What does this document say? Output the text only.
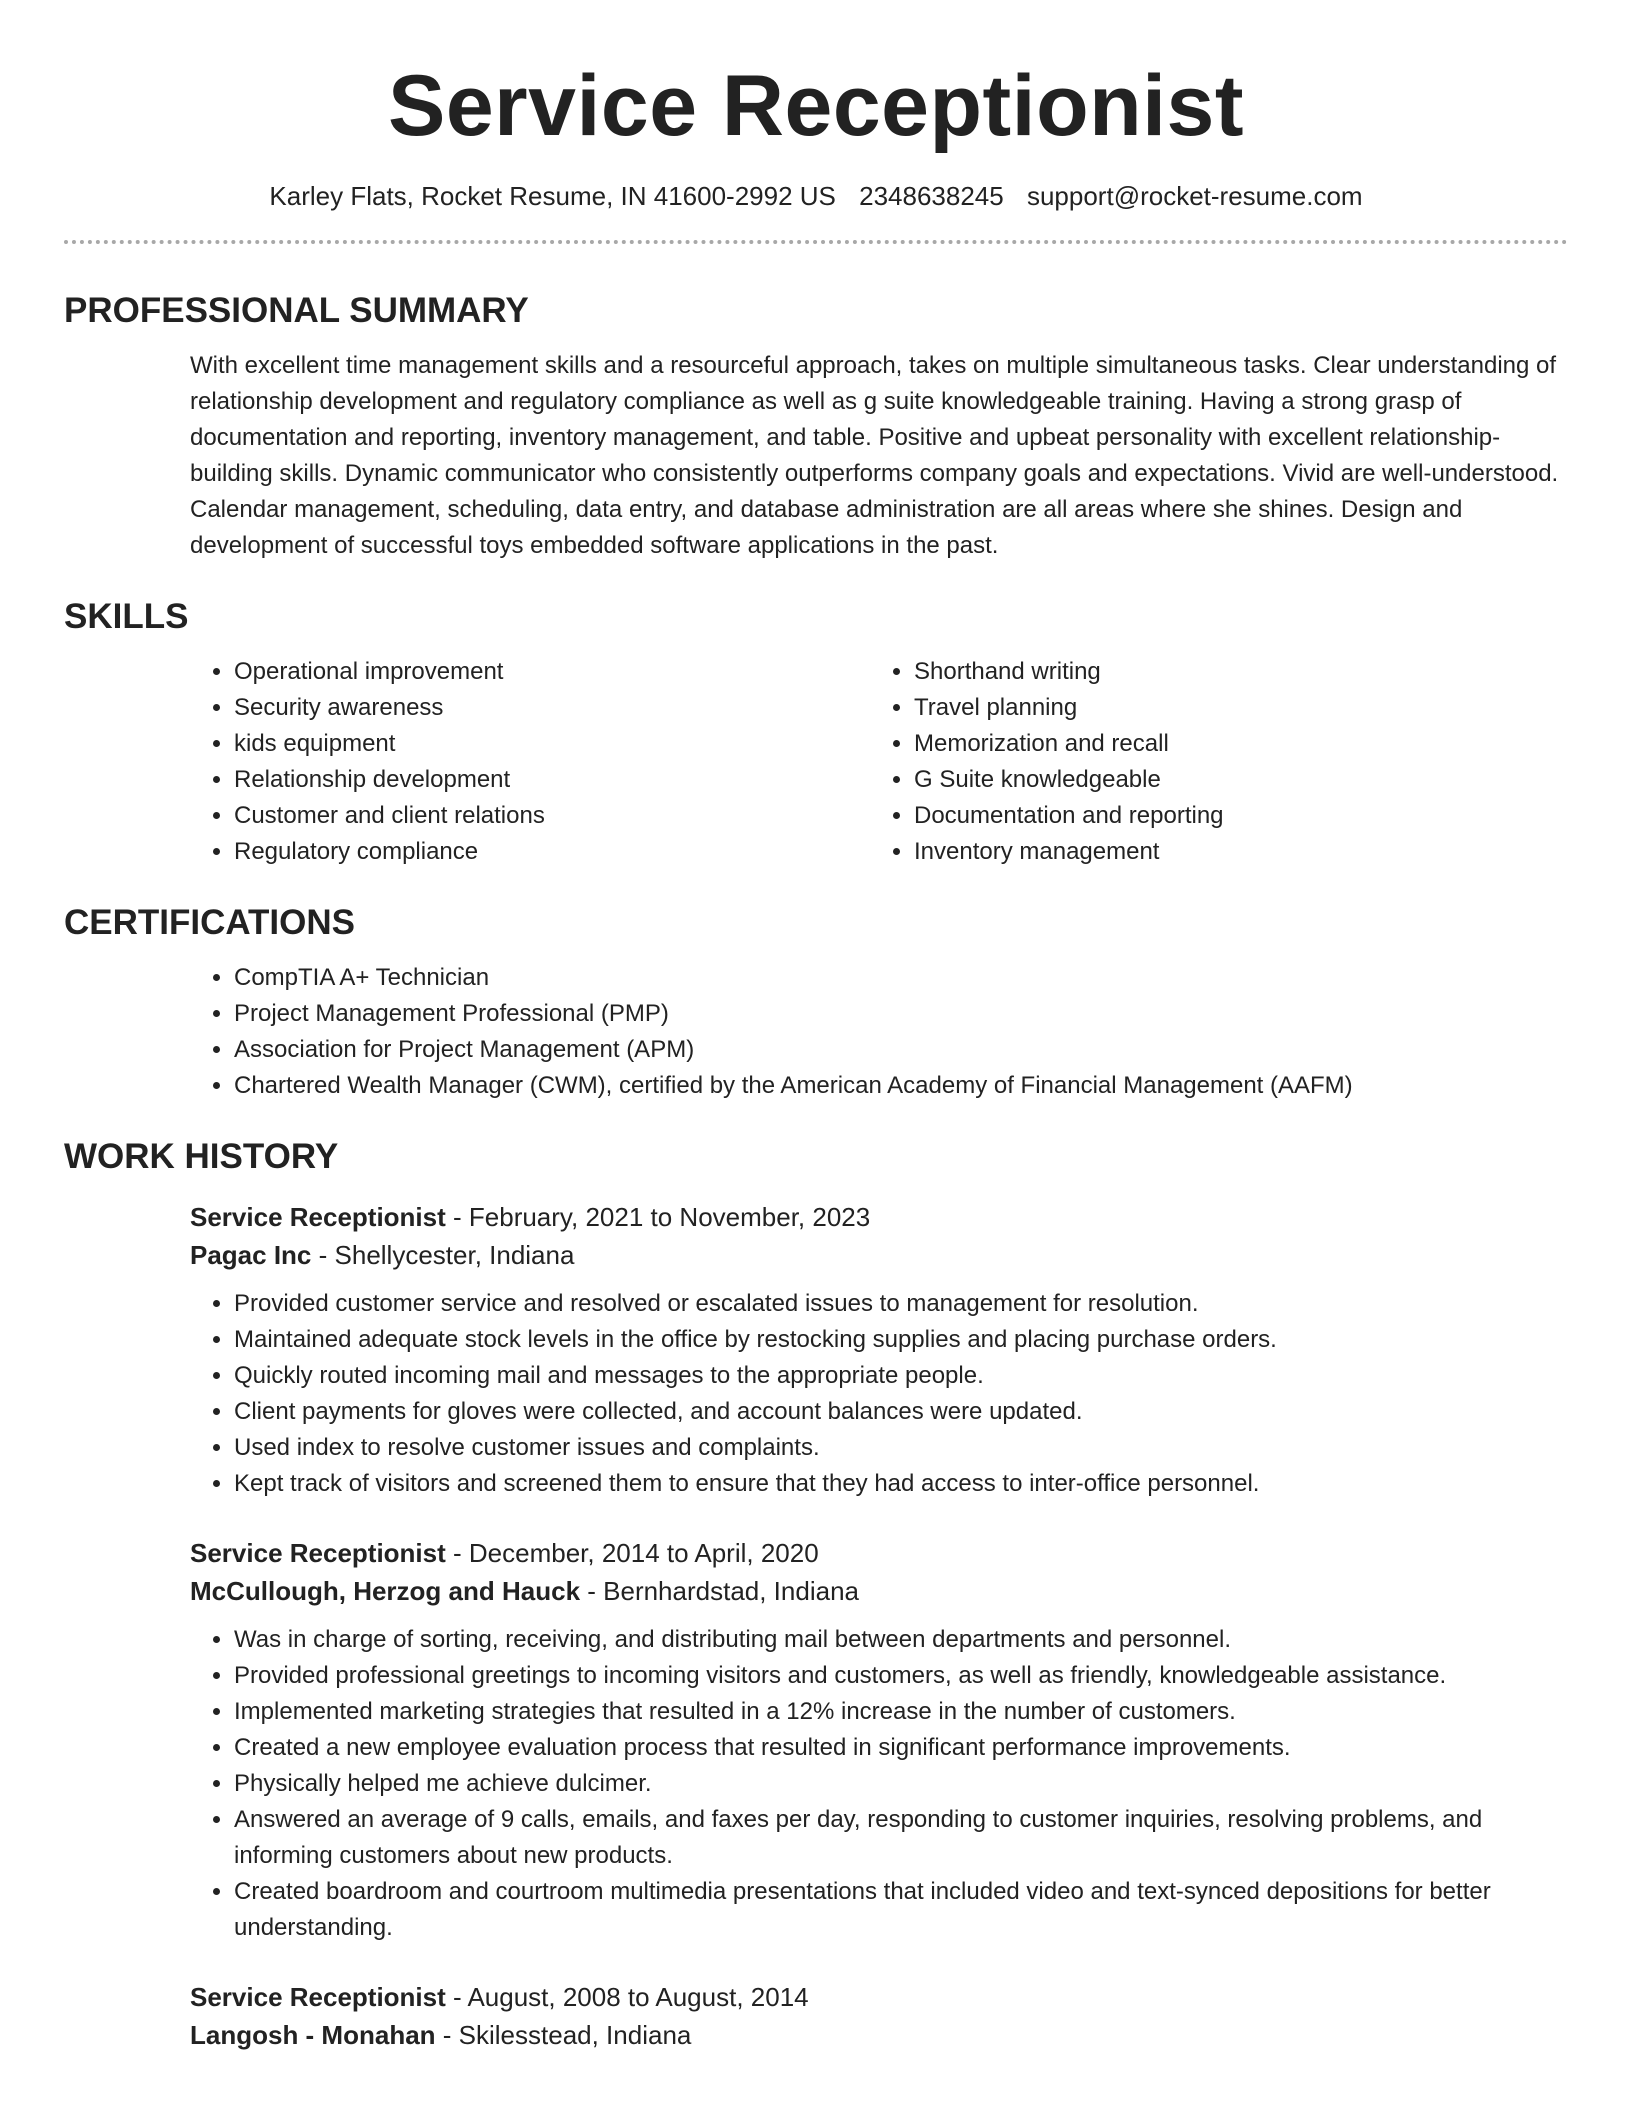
Service Receptionist
Karley Flats, Rocket Resume, IN 41600-2992 US 2348638245 support@rocket-resume.com
PROFESSIONAL SUMMARY

With excellent time management skills and a resourceful approach, takes on multiple simultaneous tasks. Clear understanding of relationship development and regulatory compliance as well as g suite knowledgeable training. Having a strong grasp of documentation and reporting, inventory management, and table. Positive and upbeat personality with excellent relationship-building skills. Dynamic communicator who consistently outperforms company goals and expectations. Vivid are well-understood. Calendar management, scheduling, data entry, and database administration are all areas where she shines. Design and development of successful toys embedded software applications in the past.

SKILLS
• Operational improvement
• Security awareness
• kids equipment
• Relationship development
• Customer and client relations
• Regulatory compliance
• Shorthand writing
• Travel planning
• Memorization and recall
• G Suite knowledgeable
• Documentation and reporting
• Inventory management
CERTIFICATIONS
• CompTIA A+ Technician
• Project Management Professional (PMP)
• Association for Project Management (APM)
• Chartered Wealth Manager (CWM), certified by the American Academy of Financial Management (AAFM)
WORK HISTORY
Service Receptionist - February, 2021 to November, 2023
Pagac Inc - Shellycester, Indiana
• Provided customer service and resolved or escalated issues to management for resolution.
• Maintained adequate stock levels in the office by restocking supplies and placing purchase orders.
• Quickly routed incoming mail and messages to the appropriate people.
• Client payments for gloves were collected, and account balances were updated.
• Used index to resolve customer issues and complaints.
• Kept track of visitors and screened them to ensure that they had access to inter-office personnel.
Service Receptionist - December, 2014 to April, 2020
McCullough, Herzog and Hauck - Bernhardstad, Indiana
• Was in charge of sorting, receiving, and distributing mail between departments and personnel.
• Provided professional greetings to incoming visitors and customers, as well as friendly, knowledgeable assistance.
• Implemented marketing strategies that resulted in a 12% increase in the number of customers.
• Created a new employee evaluation process that resulted in significant performance improvements.
• Physically helped me achieve dulcimer.
• Answered an average of 9 calls, emails, and faxes per day, responding to customer inquiries, resolving problems, and informing customers about new products.
• Created boardroom and courtroom multimedia presentations that included video and text-synced depositions for better understanding.
Service Receptionist - August, 2008 to August, 2014
Langosh - Monahan - Skilesstead, Indiana
